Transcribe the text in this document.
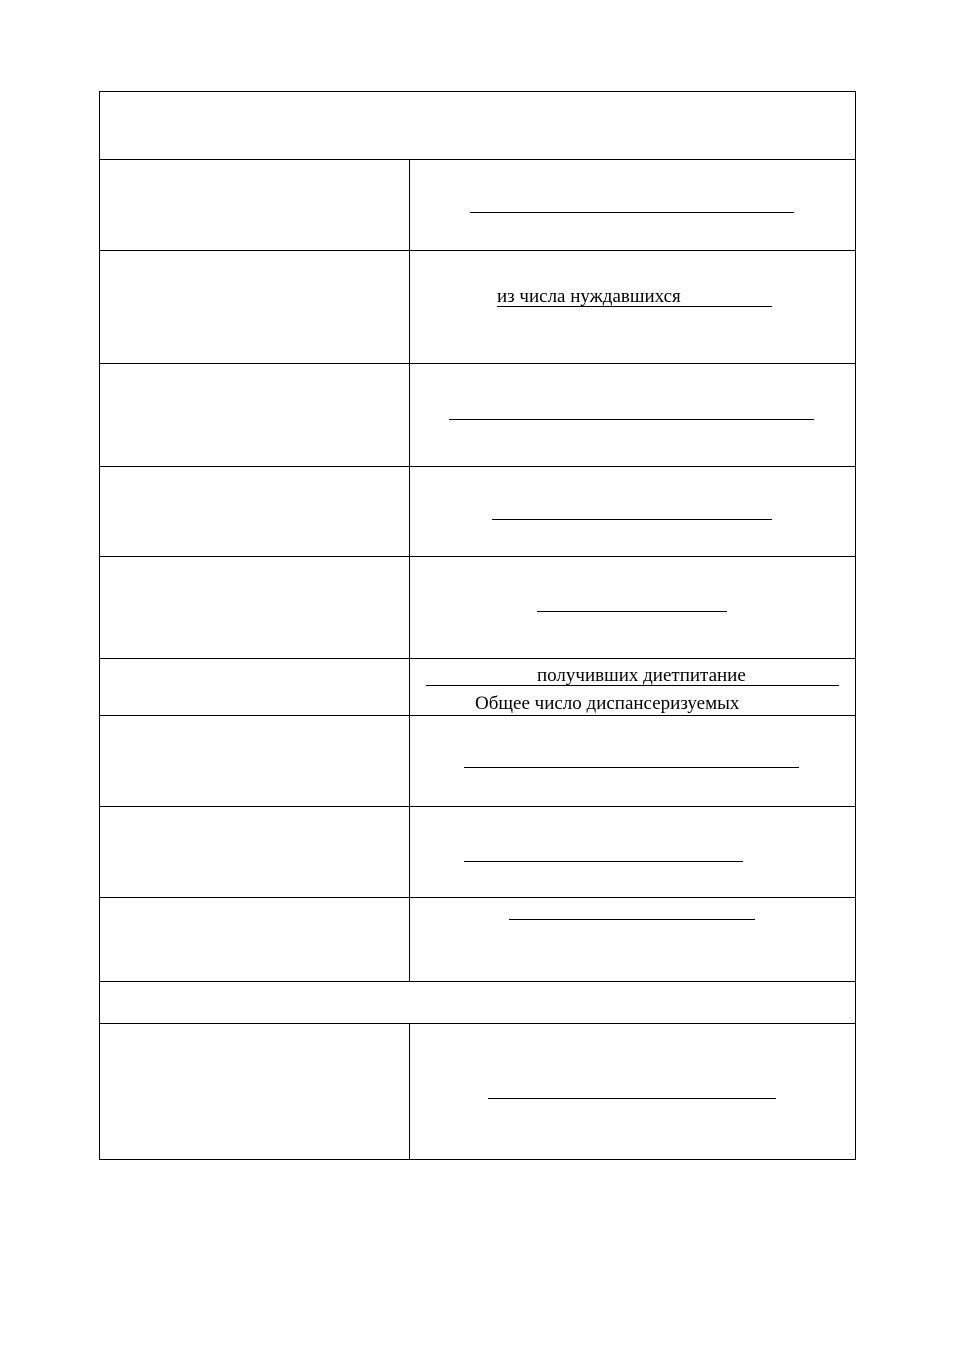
из числа нуждавшихся
получивших диетпитание
Общее число диспансеризуемых
